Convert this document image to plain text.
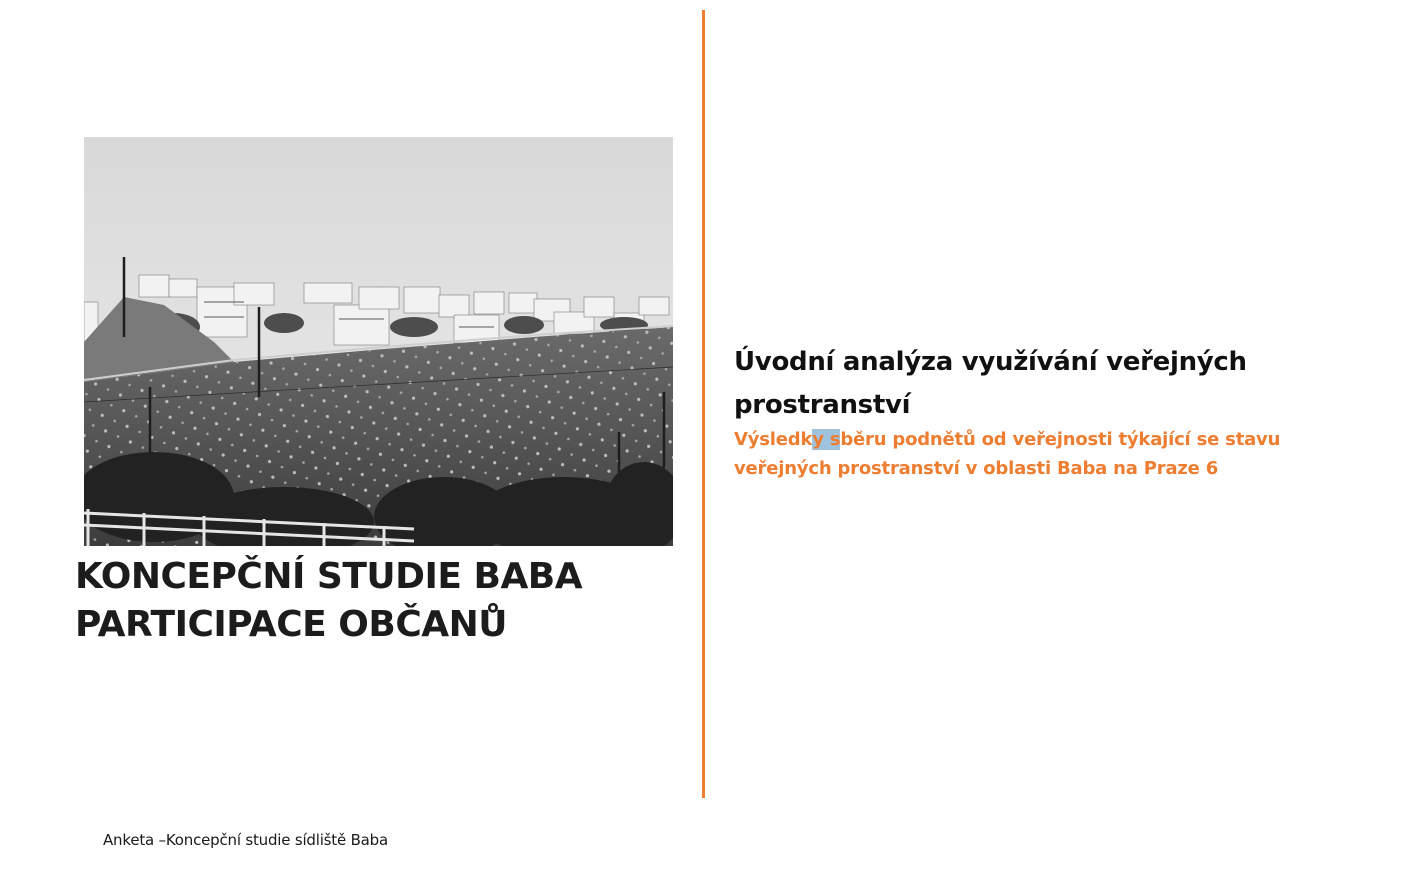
KONCEPČNÍ STUDIE BABA
PARTICIPACE OBČANŮ
Úvodní analýza využívání veřejných prostranství
Výsledky sběru podnětů od veřejnosti týkající se stavu
veřejných prostranství v oblasti Baba na Praze 6
Anketa –Koncepční studie sídliště Baba
